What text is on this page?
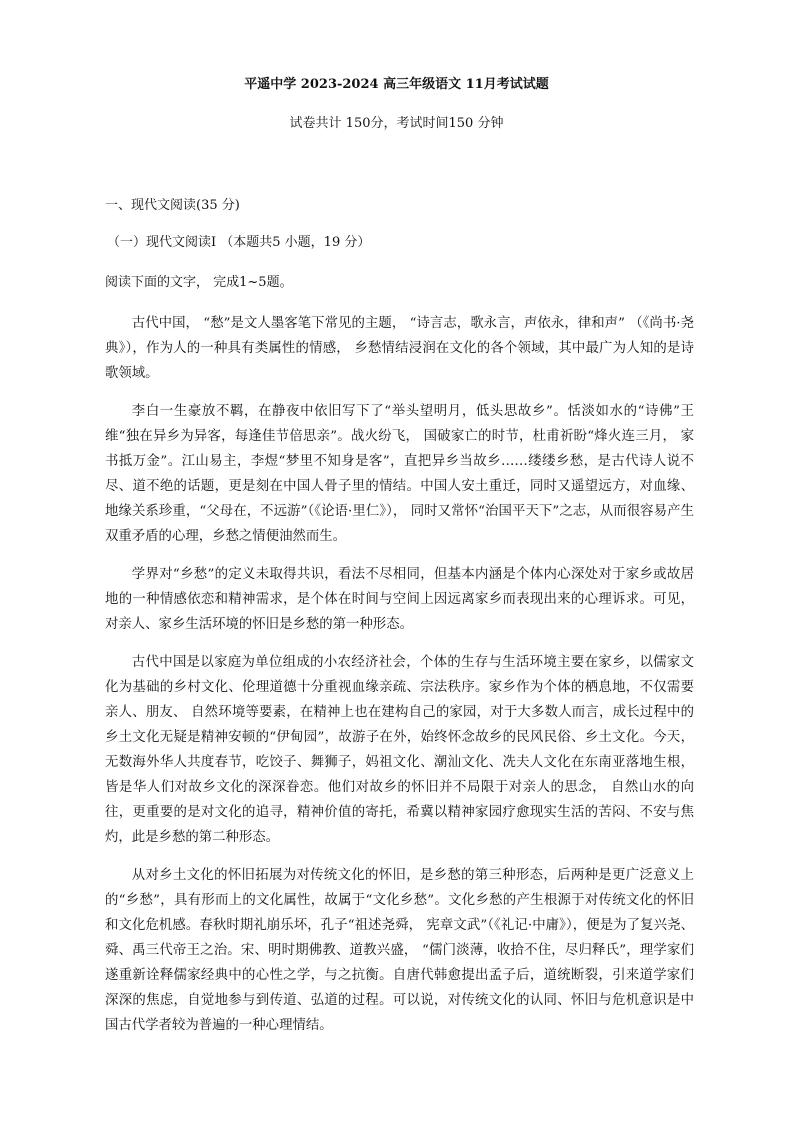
平遥中学 2023-2024 高三年级语文 11月考试试题
试卷共计 150分，考试时间150 分钟
一、现代文阅读(35 分)
（一）现代文阅读Ⅰ （本题共5 小题，19 分）
阅读下面的文字， 完成1~5题。

古代中国， “愁”是文人墨客笔下常见的主题， “诗言志，歌永言，声依永，律和声” （《尚书·尧典》），作为人的一种具有类属性的情感， 乡愁情结浸润在文化的各个领域，其中最广为人知的是诗歌领域。

李白一生豪放不羁，在静夜中依旧写下了“举头望明月，低头思故乡”。恬淡如水的“诗佛”王维“独在异乡为异客，每逢佳节倍思亲”。战火纷飞， 国破家亡的时节，杜甫祈盼“烽火连三月， 家书抵万金”。江山易主，李煜“梦里不知身是客”，直把异乡当故乡……缕缕乡愁，是古代诗人说不尽、道不绝的话题，更是刻在中国人骨子里的情结。中国人安土重迁，同时又遥望远方，对血缘、地缘关系珍重，“父母在，不远游”（《论语·里仁》）， 同时又常怀“治国平天下”之志，从而很容易产生双重矛盾的心理，乡愁之情便油然而生。

学界对“乡愁”的定义未取得共识，看法不尽相同，但基本内涵是个体内心深处对于家乡或故居地的一种情感依恋和精神需求，是个体在时间与空间上因远离家乡而表现出来的心理诉求。可见，对亲人、家乡生活环境的怀旧是乡愁的第一种形态。

古代中国是以家庭为单位组成的小农经济社会，个体的生存与生活环境主要在家乡，以儒家文化为基础的乡村文化、伦理道德十分重视血缘亲疏、宗法秩序。家乡作为个体的栖息地，不仅需要亲人、朋友、 自然环境等要素，在精神上也在建构自己的家园，对于大多数人而言，成长过程中的乡土文化无疑是精神安顿的“伊甸园”，故游子在外，始终怀念故乡的民风民俗、乡土文化。今天，无数海外华人共度春节，吃饺子、舞狮子，妈祖文化、潮汕文化、冼夫人文化在东南亚落地生根，皆是华人们对故乡文化的深深眷恋。他们对故乡的怀旧并不局限于对亲人的思念， 自然山水的向往，更重要的是对文化的追寻，精神价值的寄托，希冀以精神家园疗愈现实生活的苦闷、不安与焦灼，此是乡愁的第二种形态。

从对乡土文化的怀旧拓展为对传统文化的怀旧，是乡愁的第三种形态，后两种是更广泛意义上的“乡愁”，具有形而上的文化属性，故属于“文化乡愁”。文化乡愁的产生根源于对传统文化的怀旧和文化危机感。春秋时期礼崩乐坏，孔子“祖述尧舜， 宪章文武”（《礼记·中庸》），便是为了复兴尧、舜、禹三代帝王之治。宋、明时期佛教、道教兴盛， “儒门淡薄，收拾不住，尽归释氏”，理学家们遂重新诠释儒家经典中的心性之学，与之抗衡。自唐代韩愈提出孟子后，道统断裂，引来道学家们深深的焦虑，自觉地参与到传道、弘道的过程。可以说，对传统文化的认同、怀旧与危机意识是中国古代学者较为普遍的一种心理情结。
